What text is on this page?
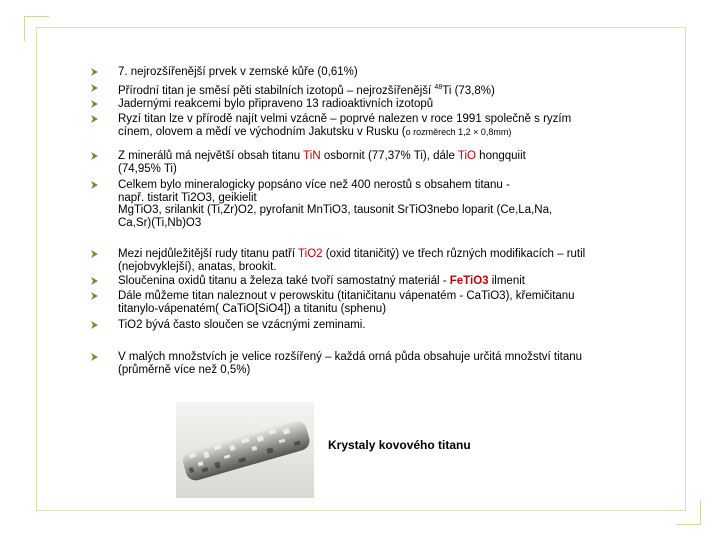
7. nejrozšířenější prvek v zemské kůře (0,61%)
Přírodní titan je směsí pěti stabilních izotopů – nejrozšířenější $^{48}$Ti (73,8%)
Jadernými reakcemi bylo připraveno 13 radioaktivních izotopů
Ryzí titan lze v přírodě najít velmi vzácně – poprvé nalezen v roce 1991 společně s ryzím cínem, olovem a mědí ve východním Jakutsku v Rusku (o rozměrech 1,2 × 0,8mm)
Z minerálů má největší obsah titanu TiN osbornit (77,37% Ti), dále TiO hongquiit (74,95% Ti)
Celkem bylo mineralogicky popsáno více než 400 nerostů s obsahem titanu -
např. tistarit Ti2O3, geikielit
MgTiO3, srilankit (Ti,Zr)O2, pyrofanit MnTiO3, tausonit SrTiO3nebo loparit (Ce,La,Na,
Ca,Sr)(Ti,Nb)O3
Mezi nejdůležitější rudy titanu patří TiO2 (oxid titaničitý) ve třech různých modifikacích – rutil (nejobvyklejší), anatas, brookit.
Sloučenina oxidů titanu a železa také tvoří samostatný materiál - FeTiO3 ilmenit
Dále můžeme titan naleznout v perowskitu (titaničitanu vápenatém - CaTiO3), křemičitanu titanylo-vápenatém( CaTiO[SiO4]) a titanitu (sphenu)
TiO2 bývá často sloučen se vzácnými zeminami.
V malých množstvích je velice rozšířený – každá orná půda obsahuje určitá množství titanu (průměrně více než 0,5%)
Krystaly kovového titanu
